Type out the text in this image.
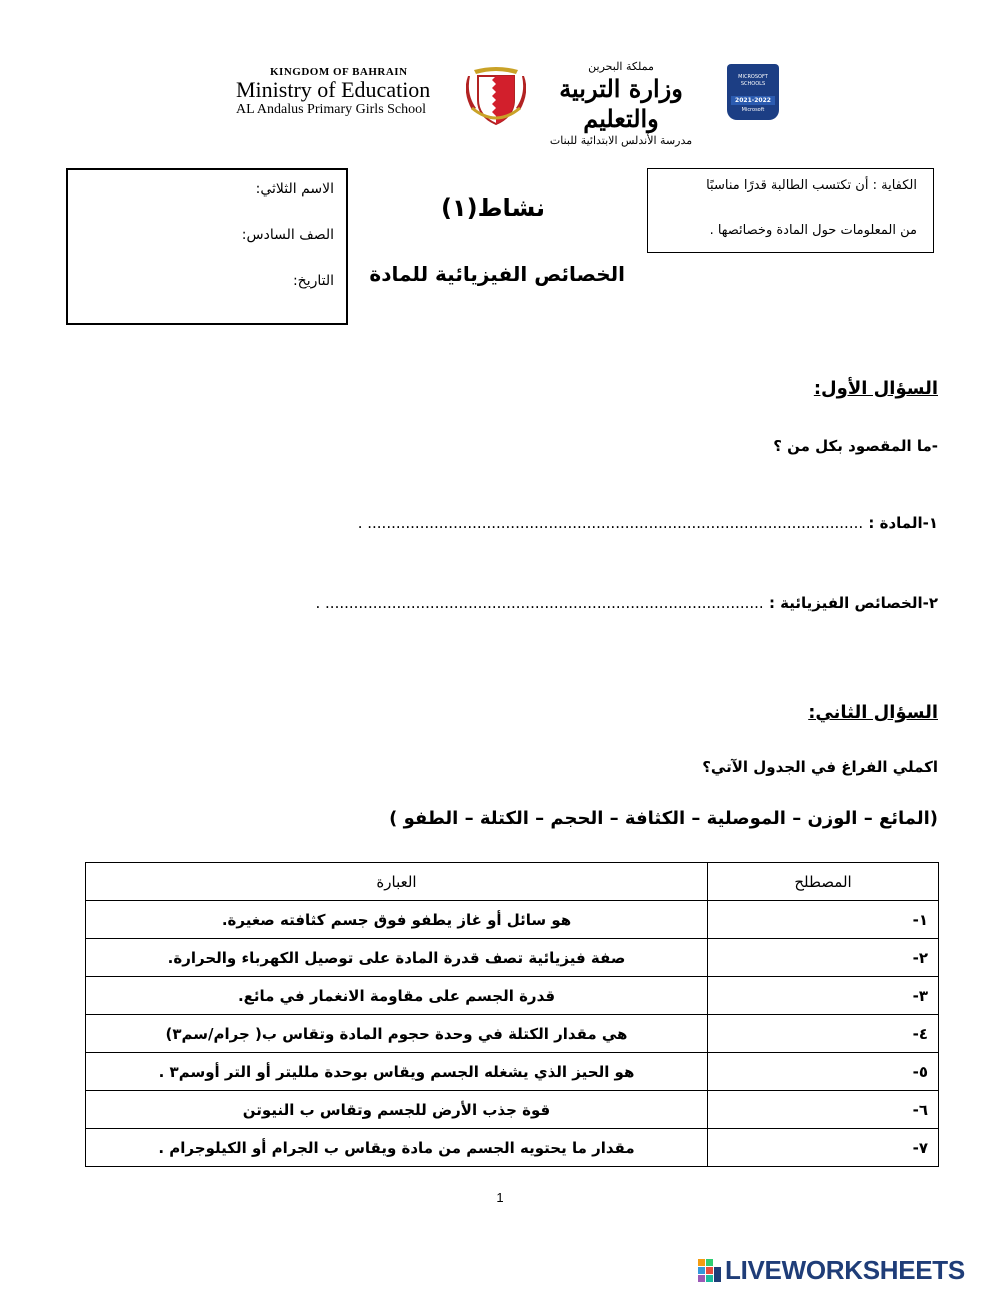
KINGDOM OF BAHRAIN
Ministry of Education
AL Andalus Primary Girls School
مملكة البحرين
وزارة التربية والتعليم
مدرسة الأندلس الابتدائية للبنات
MICROSOFT SCHOOLS
2021-2022
Microsoft
الاسم الثلاثي:
الصف السادس:
التاريخ:
الكفاية : أن تكتسب الطالبة قدرًا مناسبًا
من المعلومات حول المادة وخصائصها .
نشاط(١)
الخصائص الفيزيائية للمادة
السؤال الأول:
-ما المقصود بكل من ؟
١-المادة : ........................................................................................................ .
٢-الخصائص الفيزيائية : ............................................................................................ .
السؤال الثاني:
اكملي الفراغ في الجدول الآتي؟
(المائع – الوزن – الموصلية – الكثافة – الحجم – الكتلة – الطفو )
المصطلح	العبارة
١-	هو سائل أو غاز يطفو فوق جسم كثافته صغيرة.
٢-	صفة فيزيائية تصف قدرة المادة على توصيل الكهرباء والحرارة.
٣-	قدرة الجسم على مقاومة الانغمار في مائع.
٤-	هي مقدار الكتلة في وحدة حجوم المادة وتقاس ب( جرام/سم٣)
٥-	هو الحيز الذي يشغله الجسم ويقاس بوحدة ملليتر أو التر أوسم٣ .
٦-	قوة جذب الأرض للجسم وتقاس ب النيوتن
٧-	مقدار ما يحتويه الجسم من مادة ويقاس ب الجرام أو الكيلوجرام .
1
LIVEWORKSHEETS
